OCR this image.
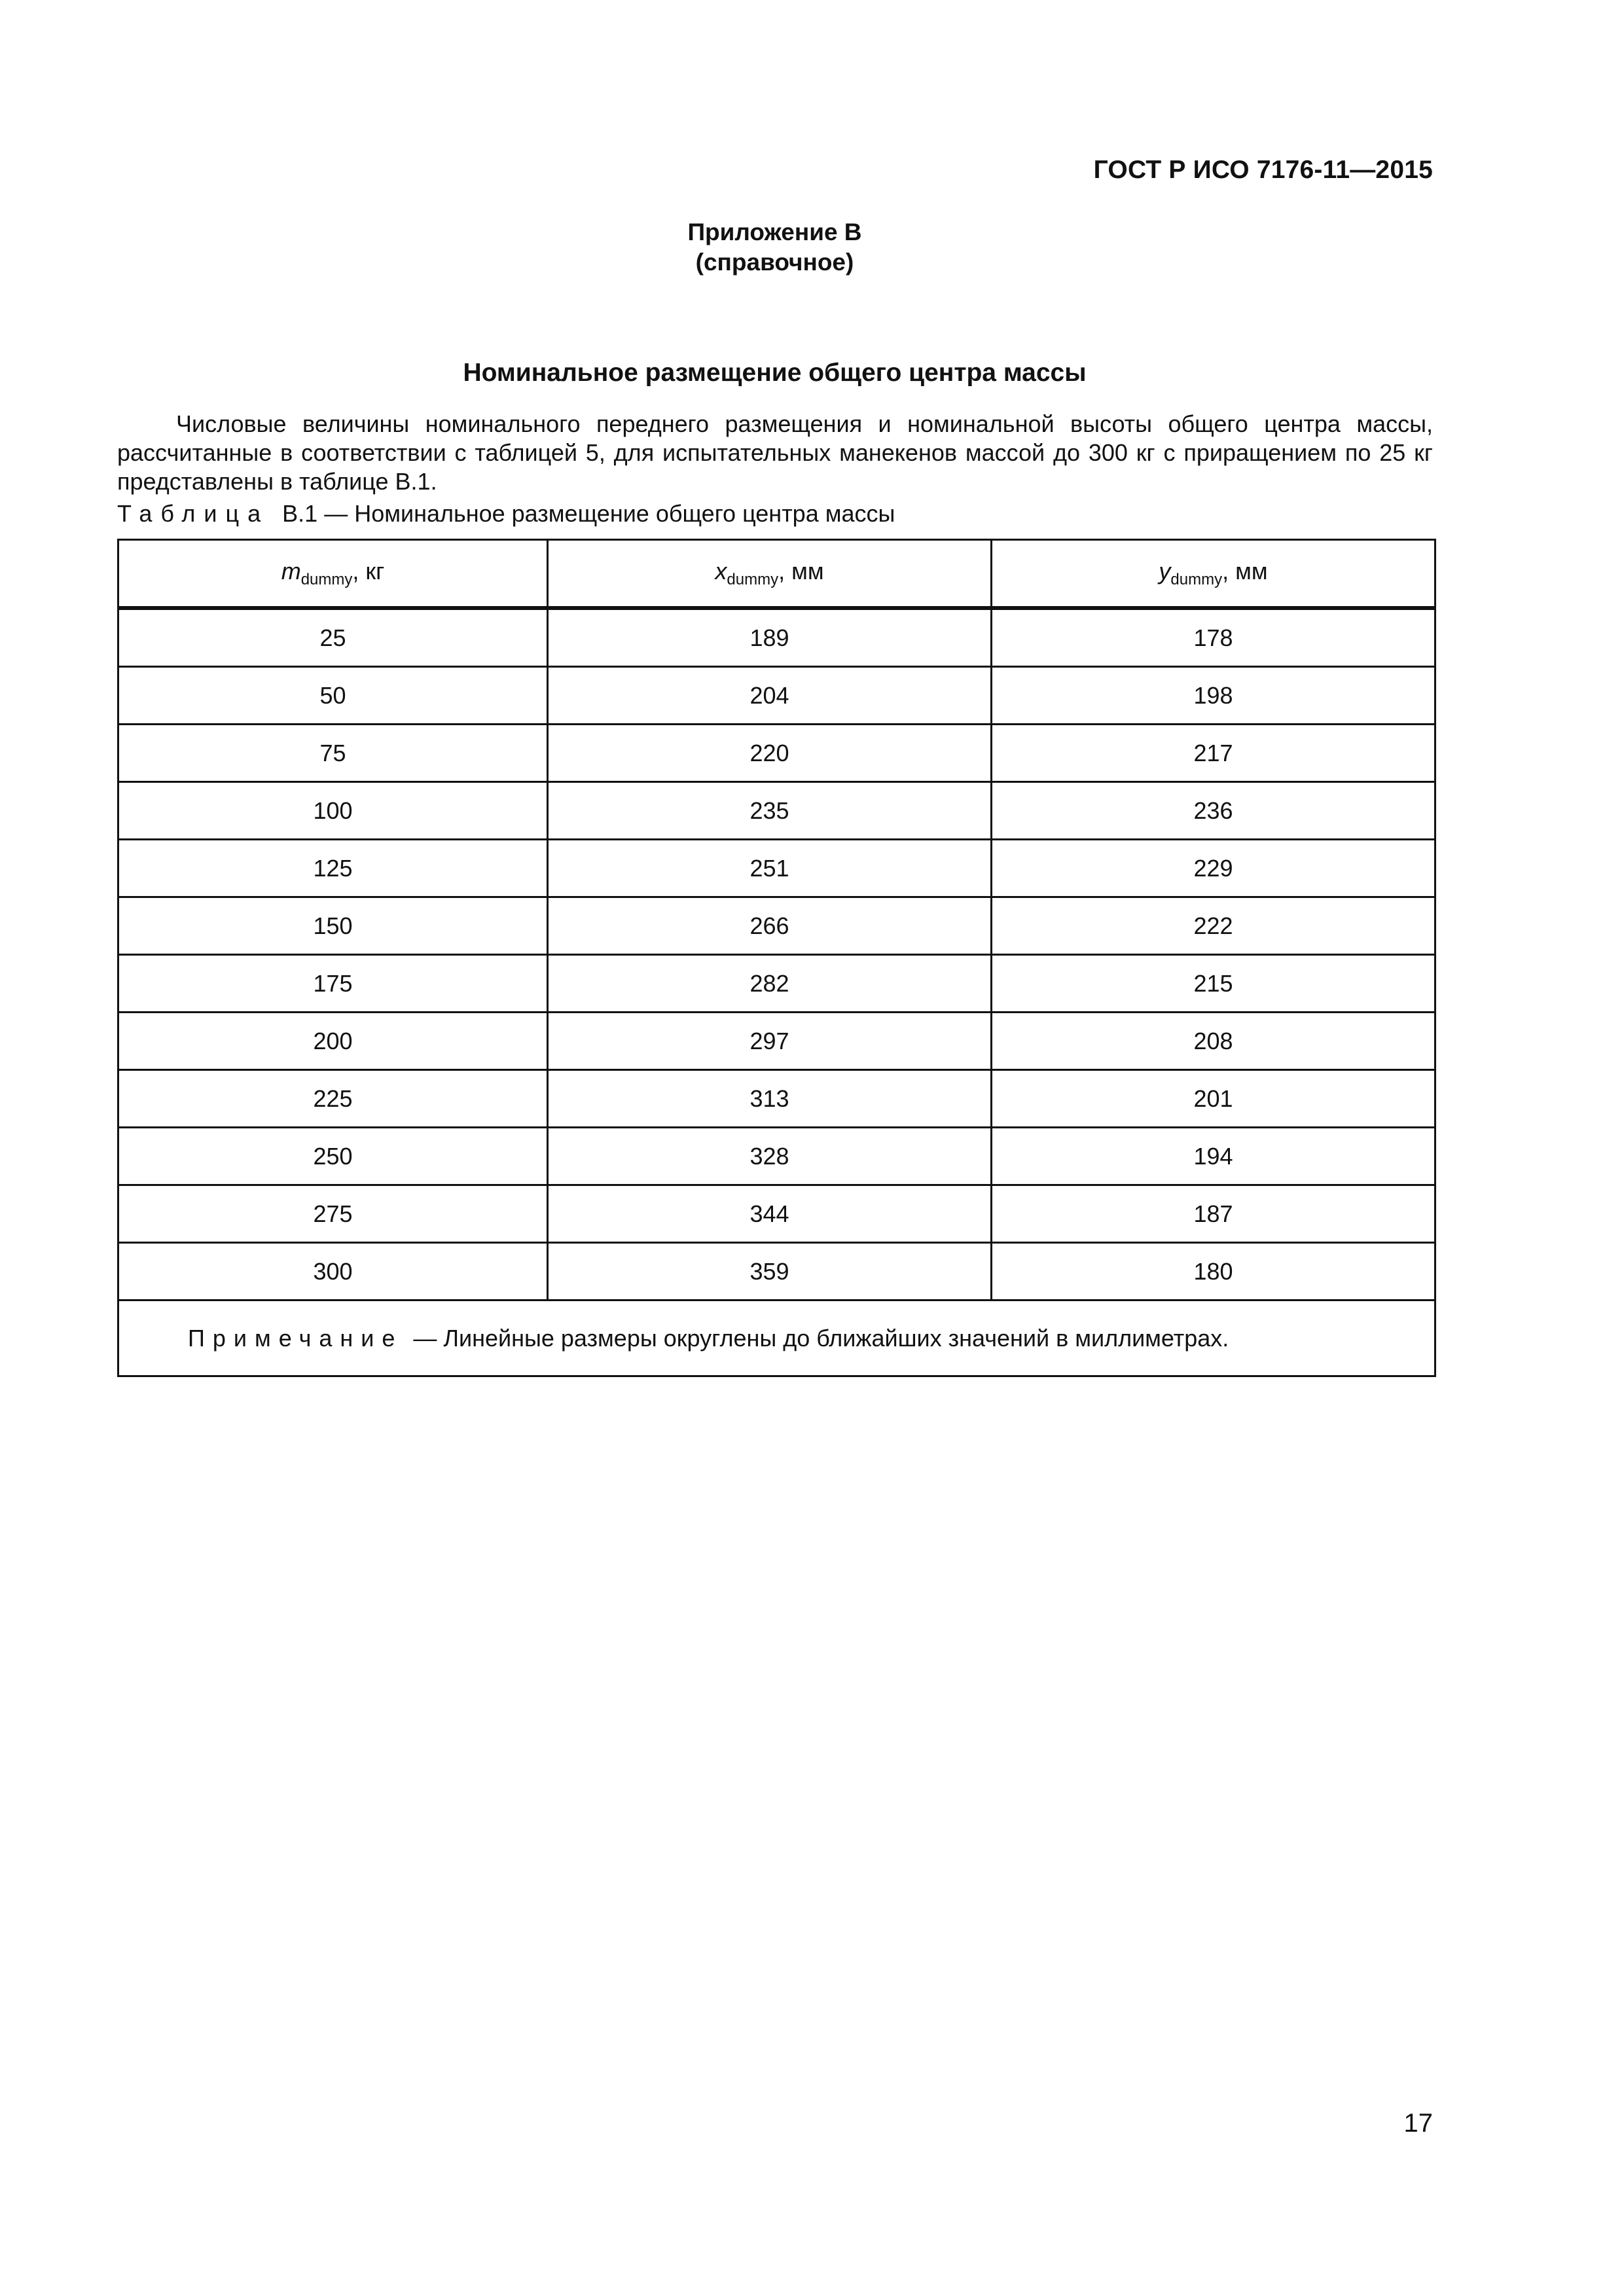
ГОСТ Р ИСО 7176-11—2015
Приложение В
(справочное)
Номинальное размещение общего центра массы
Числовые величины номинального переднего размещения и номинальной высоты общего центра массы, рассчитанные в соответствии с таблицей 5, для испытательных манекенов массой до 300 кг с приращением по 25 кг представлены в таблице В.1.
Таблица В.1 — Номинальное размещение общего центра массы
$m_{dummy}$, кг	$x_{dummy}$, мм	$y_{dummy}$, мм
25	189	178
50	204	198
75	220	217
100	235	236
125	251	229
150	266	222
175	282	215
200	297	208
225	313	201
250	328	194
275	344	187
300	359	180
Примечание — Линейные размеры округлены до ближайших значений в миллиметрах.		
17
